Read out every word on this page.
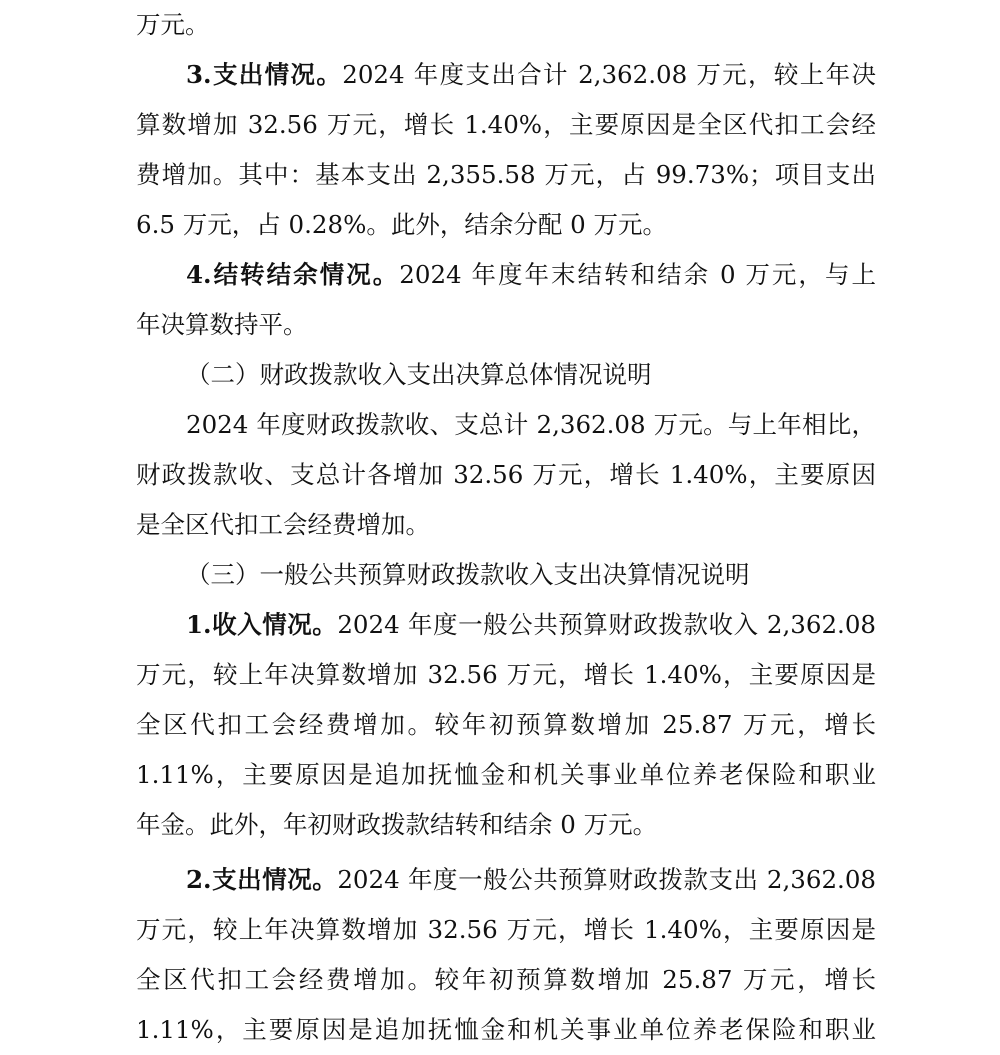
万元。
3.支出情况。2024 年度支出合计 2,362.08 万元，较上年决
算数增加 32.56 万元，增长 1.40%，主要原因是全区代扣工会经
费增加。其中：基本支出 2,355.58 万元，占 99.73%；项目支出
6.5 万元，占 0.28%。此外，结余分配 0 万元。
4.结转结余情况。2024 年度年末结转和结余 0 万元，与上
年决算数持平。
（二）财政拨款收入支出决算总体情况说明
2024 年度财政拨款收、支总计 2,362.08 万元。与上年相比，
财政拨款收、支总计各增加 32.56 万元，增长 1.40%，主要原因
是全区代扣工会经费增加。
（三）一般公共预算财政拨款收入支出决算情况说明
1.收入情况。2024 年度一般公共预算财政拨款收入 2,362.08
万元，较上年决算数增加 32.56 万元，增长 1.40%，主要原因是
全区代扣工会经费增加。较年初预算数增加 25.87 万元，增长
1.11%，主要原因是追加抚恤金和机关事业单位养老保险和职业
年金。此外，年初财政拨款结转和结余 0 万元。
2.支出情况。2024 年度一般公共预算财政拨款支出 2,362.08
万元，较上年决算数增加 32.56 万元，增长 1.40%，主要原因是
全区代扣工会经费增加。较年初预算数增加 25.87 万元，增长
1.11%，主要原因是追加抚恤金和机关事业单位养老保险和职业
